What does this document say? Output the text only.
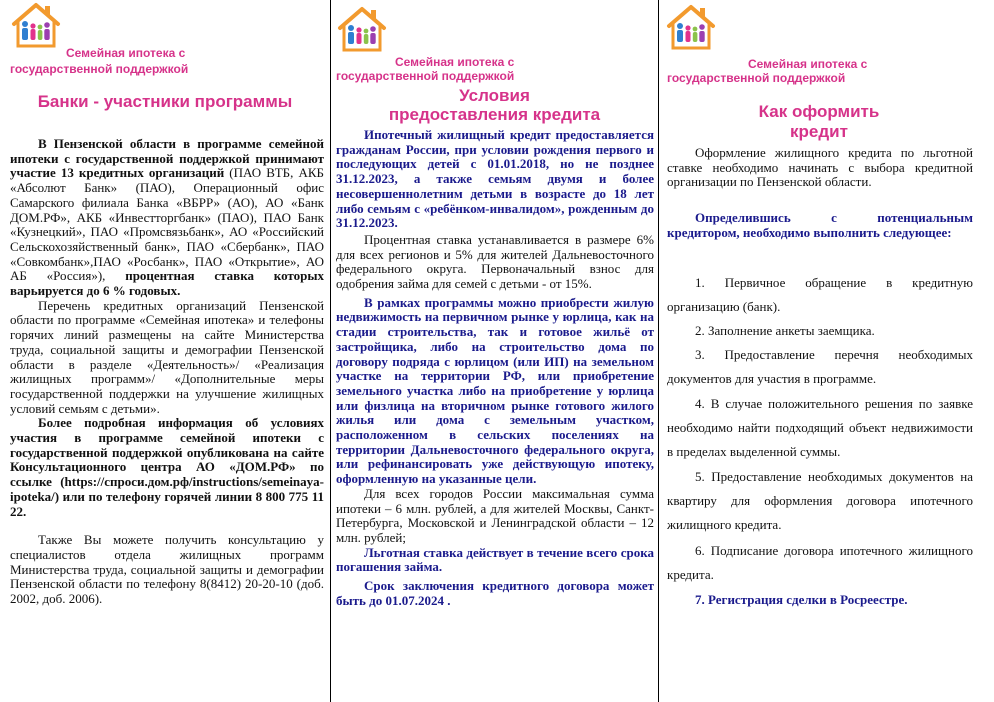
Семейная ипотека с
государственной поддержкой
Банки - участники программы

В Пензенской области в программе семейной ипотеки с государственной поддержкой принимают участие 13 кредитных организаций (ПАО ВТБ, АКБ «Абсолют Банк» (ПАО), Операционный офис Самарского филиала Банка «ВБРР» (АО), АО «Банк ДОМ.РФ», АКБ «Инвестторгбанк» (ПАО), ПАО Банк «Кузнецкий», ПАО «Промсвязьбанк», АО «Российский Сельскохозяйственный банк», ПАО «Сбербанк», ПАО «Совкомбанк»,ПАО «Росбанк», ПАО «Открытие», АО АБ «Россия»), процентная ставка которых варьируется до 6 % годовых.

Перечень кредитных организаций Пензенской области по программе «Семейная ипотека» и телефоны горячих линий размещены на сайте Министерства труда, социальной защиты и демографии Пензенской области в разделе «Деятельность»/ «Реализация жилищных программ»/ «Дополнительные меры государственной поддержки на улучшение жилищных условий семьям с детьми».

Более подробная информация об условиях участия в программе семейной ипотеки с государственной поддержкой опубликована на сайте Консультационного центра АО «ДОМ.РФ» по ссылке (https://спроси.дом.рф/instructions/semeinaya-ipoteka/) или по телефону горячей линии 8 800 775 11 22.

Также Вы можете получить консультацию у специалистов отдела жилищных программ Министерства труда, социальной защиты и демографии Пензенской области по телефону 8(8412) 20-20-10 (доб. 2002, доб. 2006).

Семейная ипотека с
государственной поддержкой
Условия
предоставления кредита

Ипотечный жилищный кредит предоставляется гражданам России, при условии рождения первого и последующих детей с 01.01.2018, но не позднее 31.12.2023, а также семьям двумя и более несовершеннолетним детьми в возрасте до 18 лет либо семьям с «ребёнком-инвалидом», рожденным до 31.12.2023.

Процентная ставка устанавливается в размере 6% для всех регионов и 5% для жителей Дальневосточного федерального округа. Первоначальный взнос для одобрения займа для семей с детьми - от 15%.

В рамках программы можно приобрести жилую недвижимость на первичном рынке у юрлица, как на стадии строительства, так и готовое жильё от застройщика, либо на строительство дома по договору подряда с юрлицом (или ИП) на земельном участке на территории РФ, или приобретение земельного участка либо на приобретение у юрлица или физлица на вторичном рынке готового жилого жилья или дома с земельным участком, расположенном в сельских поселениях на территории Дальневосточного федерального округа, или рефинансировать уже действующую ипотеку, оформленную на указанные цели.

Для всех городов России максимальная сумма ипотеки – 6 млн. рублей, а для жителей Москвы, Санкт-Петербурга, Московской и Ленинградской области – 12 млн. рублей;

Льготная ставка действует в течение всего срока погашения займа.

Срок заключения кредитного договора может быть до 01.07.2024 .

Семейная ипотека с
государственной поддержкой
Как оформить
кредит

Оформление жилищного кредита по льготной ставке необходимо начинать с выбора кредитной организации по Пензенской области.

Определившись с потенциальным кредитором, необходимо выполнить следующее:

1. Первичное обращение в кредитную организацию (банк).

2. Заполнение анкеты заемщика.

3. Предоставление перечня необходимых документов для участия в программе.

4. В случае положительного решения по заявке необходимо найти подходящий объект недвижимости в пределах выделенной суммы.

5. Предоставление необходимых документов на квартиру для оформления договора ипотечного жилищного кредита.

6. Подписание договора ипотечного жилищного кредита.

7. Регистрация сделки в Росреестре.
